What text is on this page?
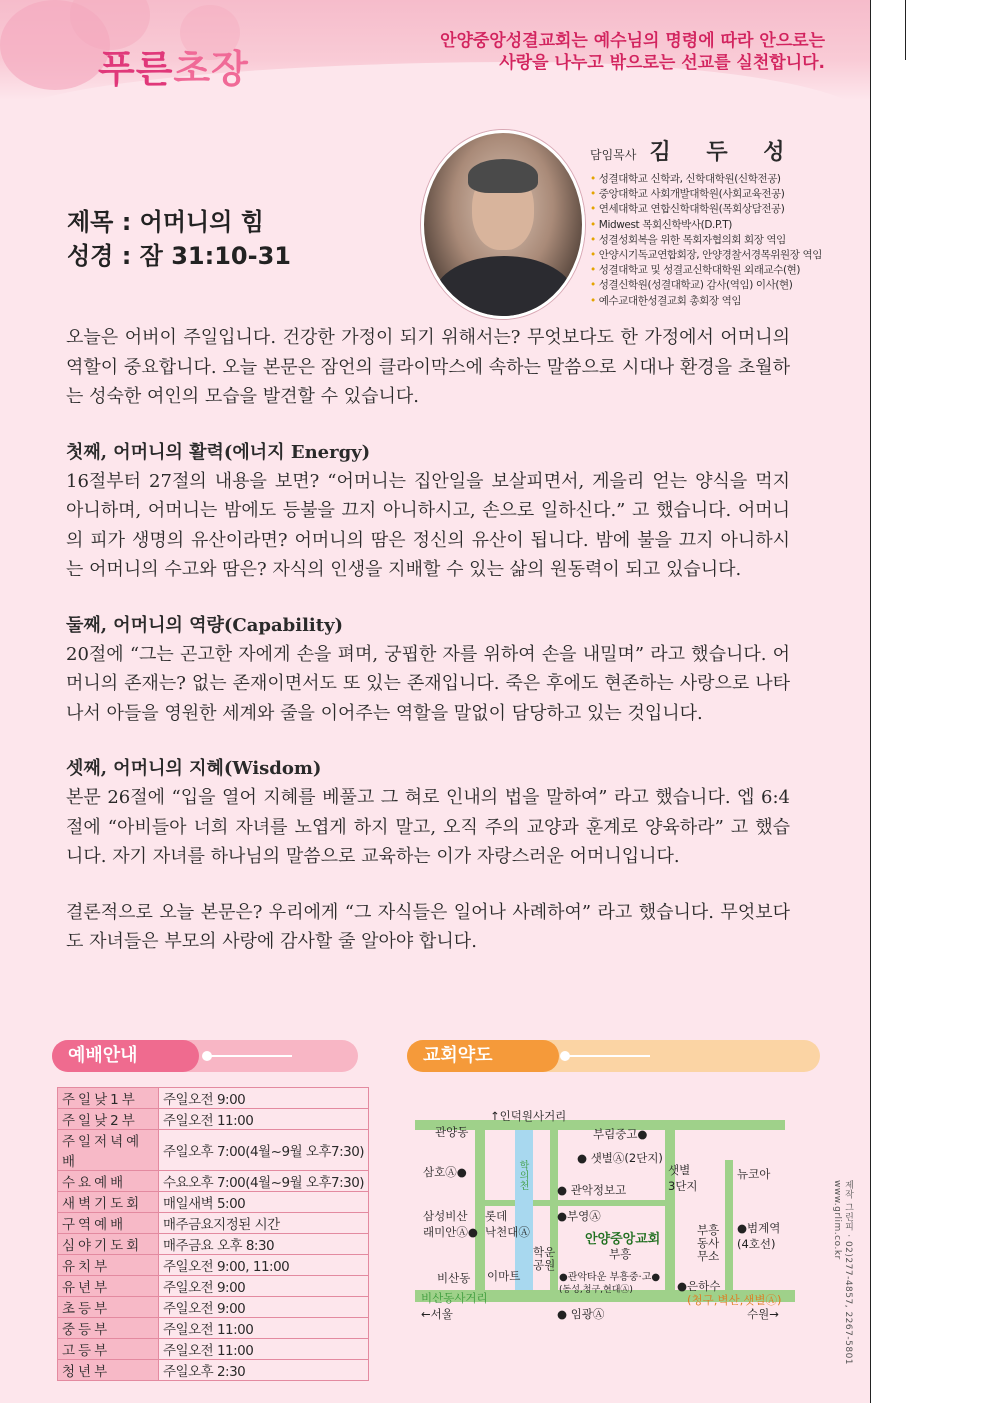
푸른초장
안양중앙성결교회는 예수님의 명령에 따라 안으로는
사랑을 나누고 밖으로는 선교를 실천합니다.
제목 : 어머니의 힘
성경 : 잠 31:10-31
담임목사 김 두 성
• 성결대학교 신학과, 신학대학원(신학전공)
• 중앙대학교 사회개발대학원(사회교육전공)
• 연세대학교 연합신학대학원(목회상담전공)
• Midwest 목회신학박사(D.P.T)
• 성결성회복을 위한 목회자협의회 회장 역임
• 안양시기독교연합회장, 안양경찰서경목위원장 역임
• 성결대학교 및 성결교신학대학원 외래교수(현)
• 성결신학원(성결대학교) 감사(역임) 이사(현)
• 예수교대한성결교회 총회장 역임

오늘은 어버이 주일입니다. 건강한 가정이 되기 위해서는? 무엇보다도 한 가정에서 어머니의 역할이 중요합니다. 오늘 본문은 잠언의 클라이막스에 속하는 말씀으로 시대나 환경을 초월하는 성숙한 여인의 모습을 발견할 수 있습니다.

첫째, 어머니의 활력(에너지 Energy)

16절부터 27절의 내용을 보면? “어머니는 집안일을 보살피면서, 게을리 얻는 양식을 먹지 아니하며, 어머니는 밤에도 등불을 끄지 아니하시고, 손으로 일하신다.” 고 했습니다. 어머니의 피가 생명의 유산이라면? 어머니의 땀은 정신의 유산이 됩니다. 밤에 불을 끄지 아니하시는 어머니의 수고와 땀은? 자식의 인생을 지배할 수 있는 삶의 원동력이 되고 있습니다.

둘째, 어머니의 역량(Capability)

20절에 “그는 곤고한 자에게 손을 펴며, 궁핍한 자를 위하여 손을 내밀며” 라고 했습니다. 어머니의 존재는? 없는 존재이면서도 또 있는 존재입니다. 죽은 후에도 현존하는 사랑으로 나타나서 아들을 영원한 세계와 줄을 이어주는 역할을 말없이 담당하고 있는 것입니다.

셋째, 어머니의 지혜(Wisdom)

본문 26절에 “입을 열어 지혜를 베풀고 그 혀로 인내의 법을 말하여” 라고 했습니다. 엡 6:4절에 “아비들아 너희 자녀를 노엽게 하지 말고, 오직 주의 교양과 훈계로 양육하라” 고 했습니다. 자기 자녀를 하나님의 말씀으로 교육하는 이가 자랑스러운 어머니입니다.

결론적으로 오늘 본문은? 우리에게 “그 자식들은 일어나 사례하여” 라고 했습니다. 무엇보다도 자녀들은 부모의 사랑에 감사할 줄 알아야 합니다.

예배안내	교회약도
주일낮1부	주일오전 9:00
주일낮2부	주일오전 11:00
주일저녁예배	주일오후 7:00(4월~9월 오후7:30)
수요예배	수요오후 7:00(4월~9월 오후7:30)
새벽기도회	매일새벽 5:00
구역예배	매주금요지정된 시간
심야기도회	매주금요 오후 8:30
유치부	주일오전 9:00, 11:00
유년부	주일오전 9:00
초등부	주일오전 9:00
중등부	주일오전 11:00
고등부	주일오전 11:00
청년부	주일오후 2:30
관양동
↑인덕원사거리
부림중고●
삼호Ⓐ●	학의천
● 샛별Ⓐ(2단지)
샛별
3단지
뉴코아
● 관악정보고
삼성비산
래미안Ⓐ●
롯데
낙천대Ⓐ
●부영Ⓐ
안양중앙교회
부흥
부흥
동사
무소
●범계역
(4호선)
학운
공원
비산동 이마트	●관악타운 부흥중·고●
(동성,청구,현대Ⓐ)	●은하수
비산동사거리	(청구,벽산,샛별Ⓐ)
←서울	● 임광Ⓐ	수원→	제작 그린피 · 02)277-4857, 2267-5801 www.grlim.co.kr
